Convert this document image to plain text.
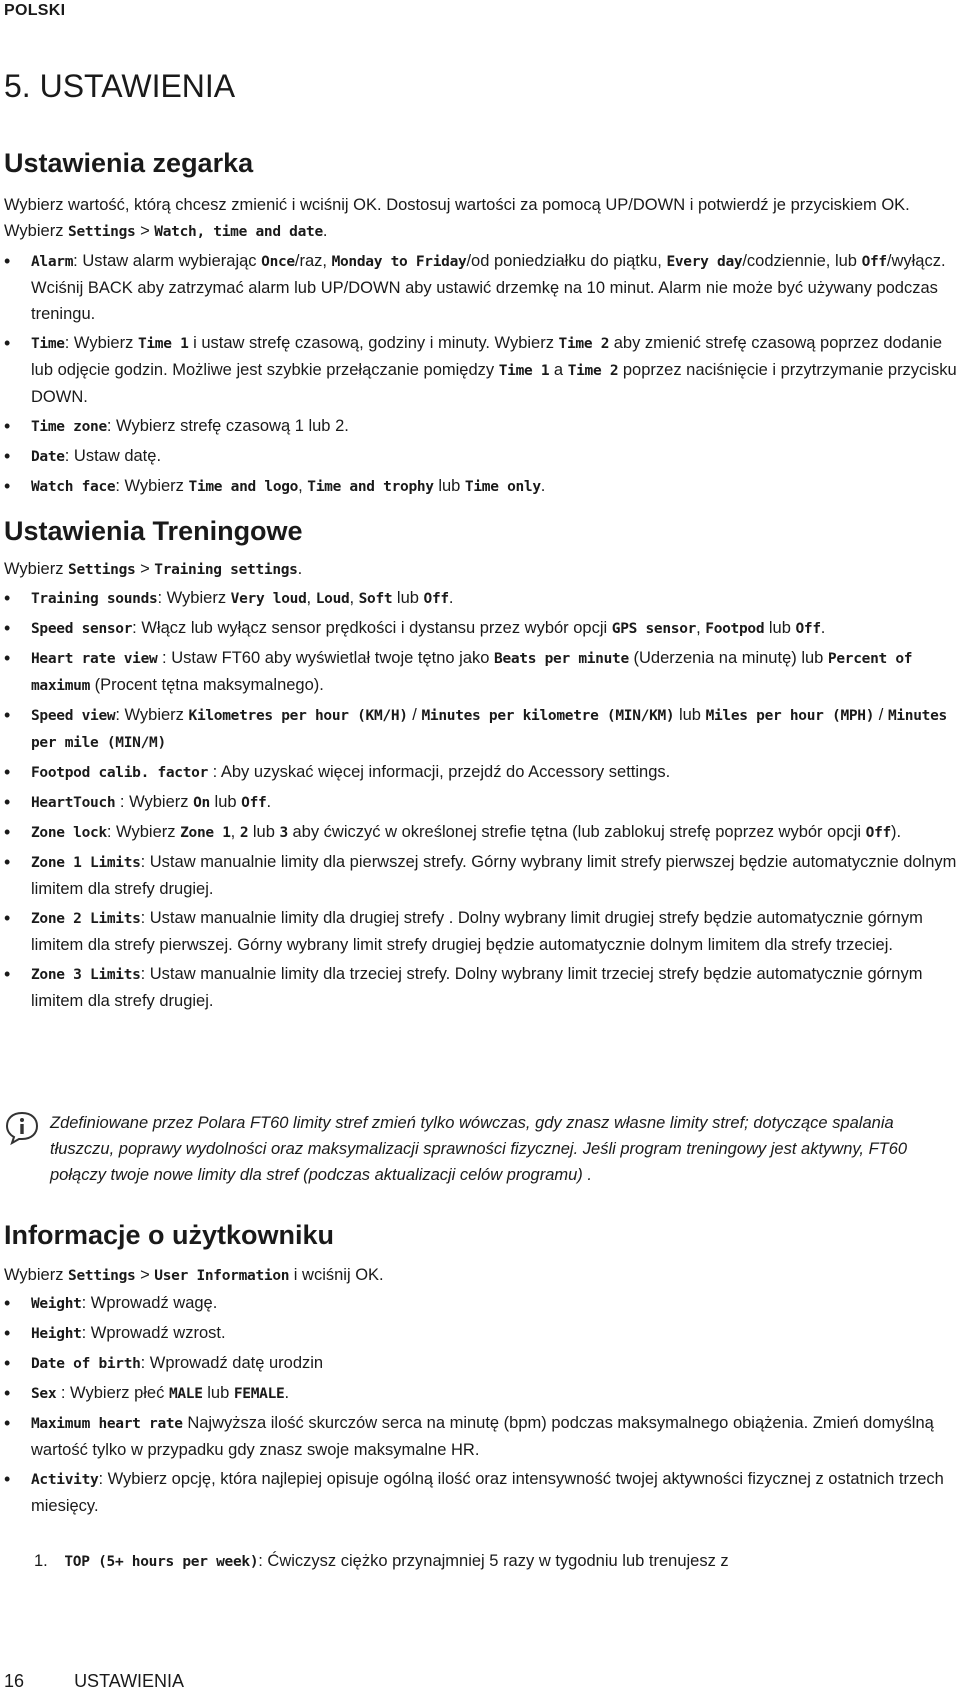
POLSKI
5. USTAWIENIA
Ustawienia zegarka

Wybierz wartość, którą chcesz zmienić i wciśnij OK. Dostosuj wartości za pomocą UP/DOWN i potwierdź je przyciskiem OK. Wybierz Settings > Watch, time and date.

• Alarm: Ustaw alarm wybierając Once/raz, Monday to Friday/od poniedziałku do piątku, Every day/codziennie, lub Off/wyłącz. Wciśnij BACK aby zatrzymać alarm lub UP/DOWN aby ustawić drzemkę na 10 minut. Alarm nie może być używany podczas treningu.
• Time: Wybierz Time 1 i ustaw strefę czasową, godziny i minuty. Wybierz Time 2 aby zmienić strefę czasową poprzez dodanie lub odjęcie godzin. Możliwe jest szybkie przełączanie pomiędzy Time 1 a Time 2 poprzez naciśnięcie i przytrzymanie przycisku DOWN.
• Time zone: Wybierz strefę czasową 1 lub 2.
• Date: Ustaw datę.
• Watch face: Wybierz Time and logo, Time and trophy lub Time only.
Ustawienia Treningowe

Wybierz Settings > Training settings.

• Training sounds: Wybierz Very loud, Loud, Soft lub Off.
• Speed sensor: Włącz lub wyłącz sensor prędkości i dystansu przez wybór opcji GPS sensor, Footpod lub Off.
• Heart rate view : Ustaw FT60 aby wyświetlał twoje tętno jako Beats per minute (Uderzenia na minutę) lub Percent of maximum (Procent tętna maksymalnego).
• Speed view: Wybierz Kilometres per hour (KM/H) / Minutes per kilometre (MIN/KM) lub Miles per hour (MPH) / Minutes per mile (MIN/M)
• Footpod calib. factor : Aby uzyskać więcej informacji, przejdź do Accessory settings.
• HeartTouch : Wybierz On lub Off.
• Zone lock: Wybierz Zone 1, 2 lub 3 aby ćwiczyć w określonej strefie tętna (lub zablokuj strefę poprzez wybór opcji Off).
• Zone 1 Limits: Ustaw manualnie limity dla pierwszej strefy. Górny wybrany limit strefy pierwszej będzie automatycznie dolnym limitem dla strefy drugiej.
• Zone 2 Limits: Ustaw manualnie limity dla drugiej strefy . Dolny wybrany limit drugiej strefy będzie automatycznie górnym limitem dla strefy pierwszej. Górny wybrany limit strefy drugiej będzie automatycznie dolnym limitem dla strefy trzeciej.
• Zone 3 Limits: Ustaw manualnie limity dla trzeciej strefy. Dolny wybrany limit trzeciej strefy będzie automatycznie górnym limitem dla strefy drugiej.

Zdefiniowane przez Polara FT60 limity stref zmień tylko wówczas, gdy znasz własne limity stref; dotyczące spalania tłuszczu, poprawy wydolności oraz maksymalizacji sprawności fizycznej. Jeśli program treningowy jest aktywny, FT60 połączy twoje nowe limity dla stref (podczas aktualizacji celów programu) .

Informacje o użytkowniku

Wybierz Settings > User Information i wciśnij OK.

• Weight: Wprowadź wagę.
• Height: Wprowadź wzrost.
• Date of birth: Wprowadź datę urodzin
• Sex : Wybierz płeć MALE lub FEMALE.
• Maximum heart rate Najwyższa ilość skurczów serca na minutę (bpm) podczas maksymalnego obiążenia. Zmień domyślną wartość tylko w przypadku gdy znasz swoje maksymalne HR.
• Activity: Wybierz opcję, która najlepiej opisuje ogólną ilość oraz intensywność twojej aktywności fizycznej z ostatnich trzech miesięcy.
1. TOP (5+ hours per week): Ćwiczysz ciężko przynajmniej 5 razy w tygodniu lub trenujesz z
16	USTAWIENIA
